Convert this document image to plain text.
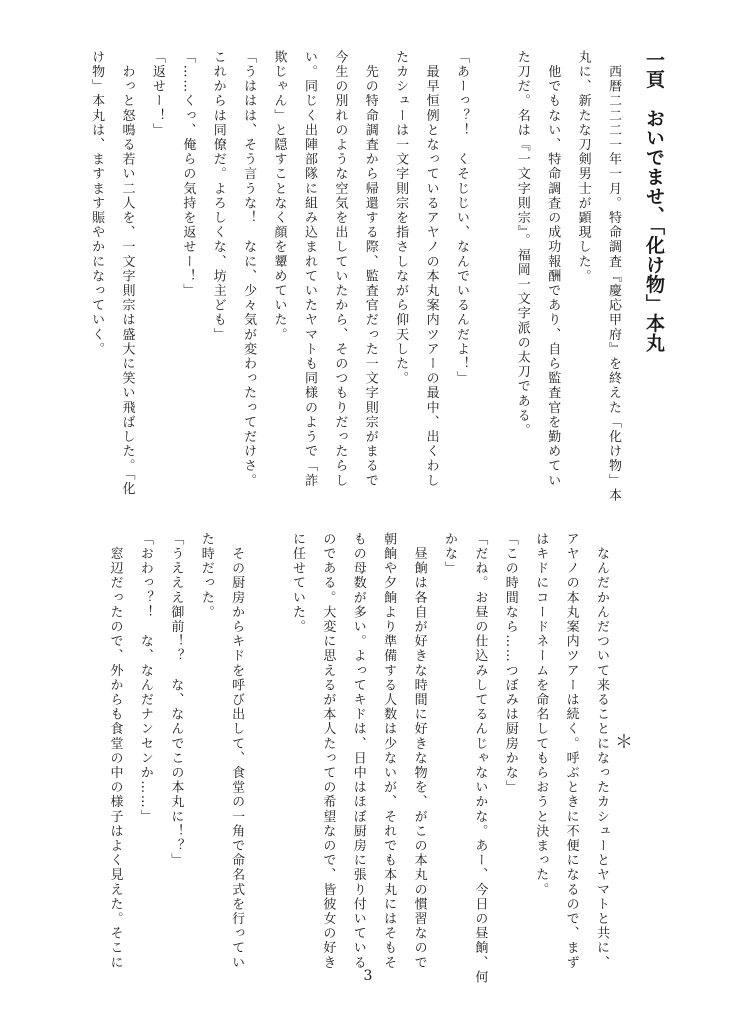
一頁　おいでませ、「化け物」本丸
　西暦二二二一年一月。特命調査『慶応甲府』を終えた「化け物」本
丸に、新たな刀剣男士が顕現した。
　他でもない、特命調査の成功報酬であり、自ら監査官を勤めてい
た刀だ。名は『一文字則宗』。福岡一文字派の太刀である。

「あーっ？！　くそじじい、なんでいるんだよ！」
　最早恒例となっているアヤノの本丸案内ツアーの最中、出くわし
たカシューは一文字則宗を指さしながら仰天した。
　先の特命調査から帰還する際、監査官だった一文字則宗がまるで
今生の別れのような空気を出していたから、そのつもりだったらし
い。同じく出陣部隊に組み込まれていたヤマトも同様のようで「詐
欺じゃん」と隠すことなく顔を顰めていた。
「うははは、そう言うな！　なに、少々気が変わったってだけさ。
これからは同僚だ。よろしくな、坊主ども」
「……くっ、俺らの気持を返せー！」
「返せー！」
　わっと怒鳴る若い二人を、一文字則宗は盛大に笑い飛ばした。「化
け物」本丸は、ますます賑やかになっていく。
＊
　なんだかんだついて来ることになったカシューとヤマトと共に、
アヤノの本丸案内ツアーは続く。呼ぶときに不便になるので、まず
はキドにコードネームを命名してもらおうと決まった。
「この時間なら……つぼみは厨房かな」
「だね。お昼の仕込みしてるんじゃないかな。あー、今日の昼餉、何
かな」
　昼餉は各自が好きな時間に好きな物を、がこの本丸の慣習なので
朝餉や夕餉より準備する人数は少ないが、それでも本丸にはそもそ
もの母数が多い。よってキドは、日中はほぼ厨房に張り付いている
のである。大変に思えるが本人たっての希望なので、皆彼女の好き
に任せていた。

　その厨房からキドを呼び出して、食堂の一角で命名式を行ってい
た時だった。
「うえええ御前！？　な、なんでこの本丸に！？」
「おわっ？！　な、なんだナンセンか……」
　窓辺だったので、外からも食堂の中の様子はよく見えた。そこに
3
